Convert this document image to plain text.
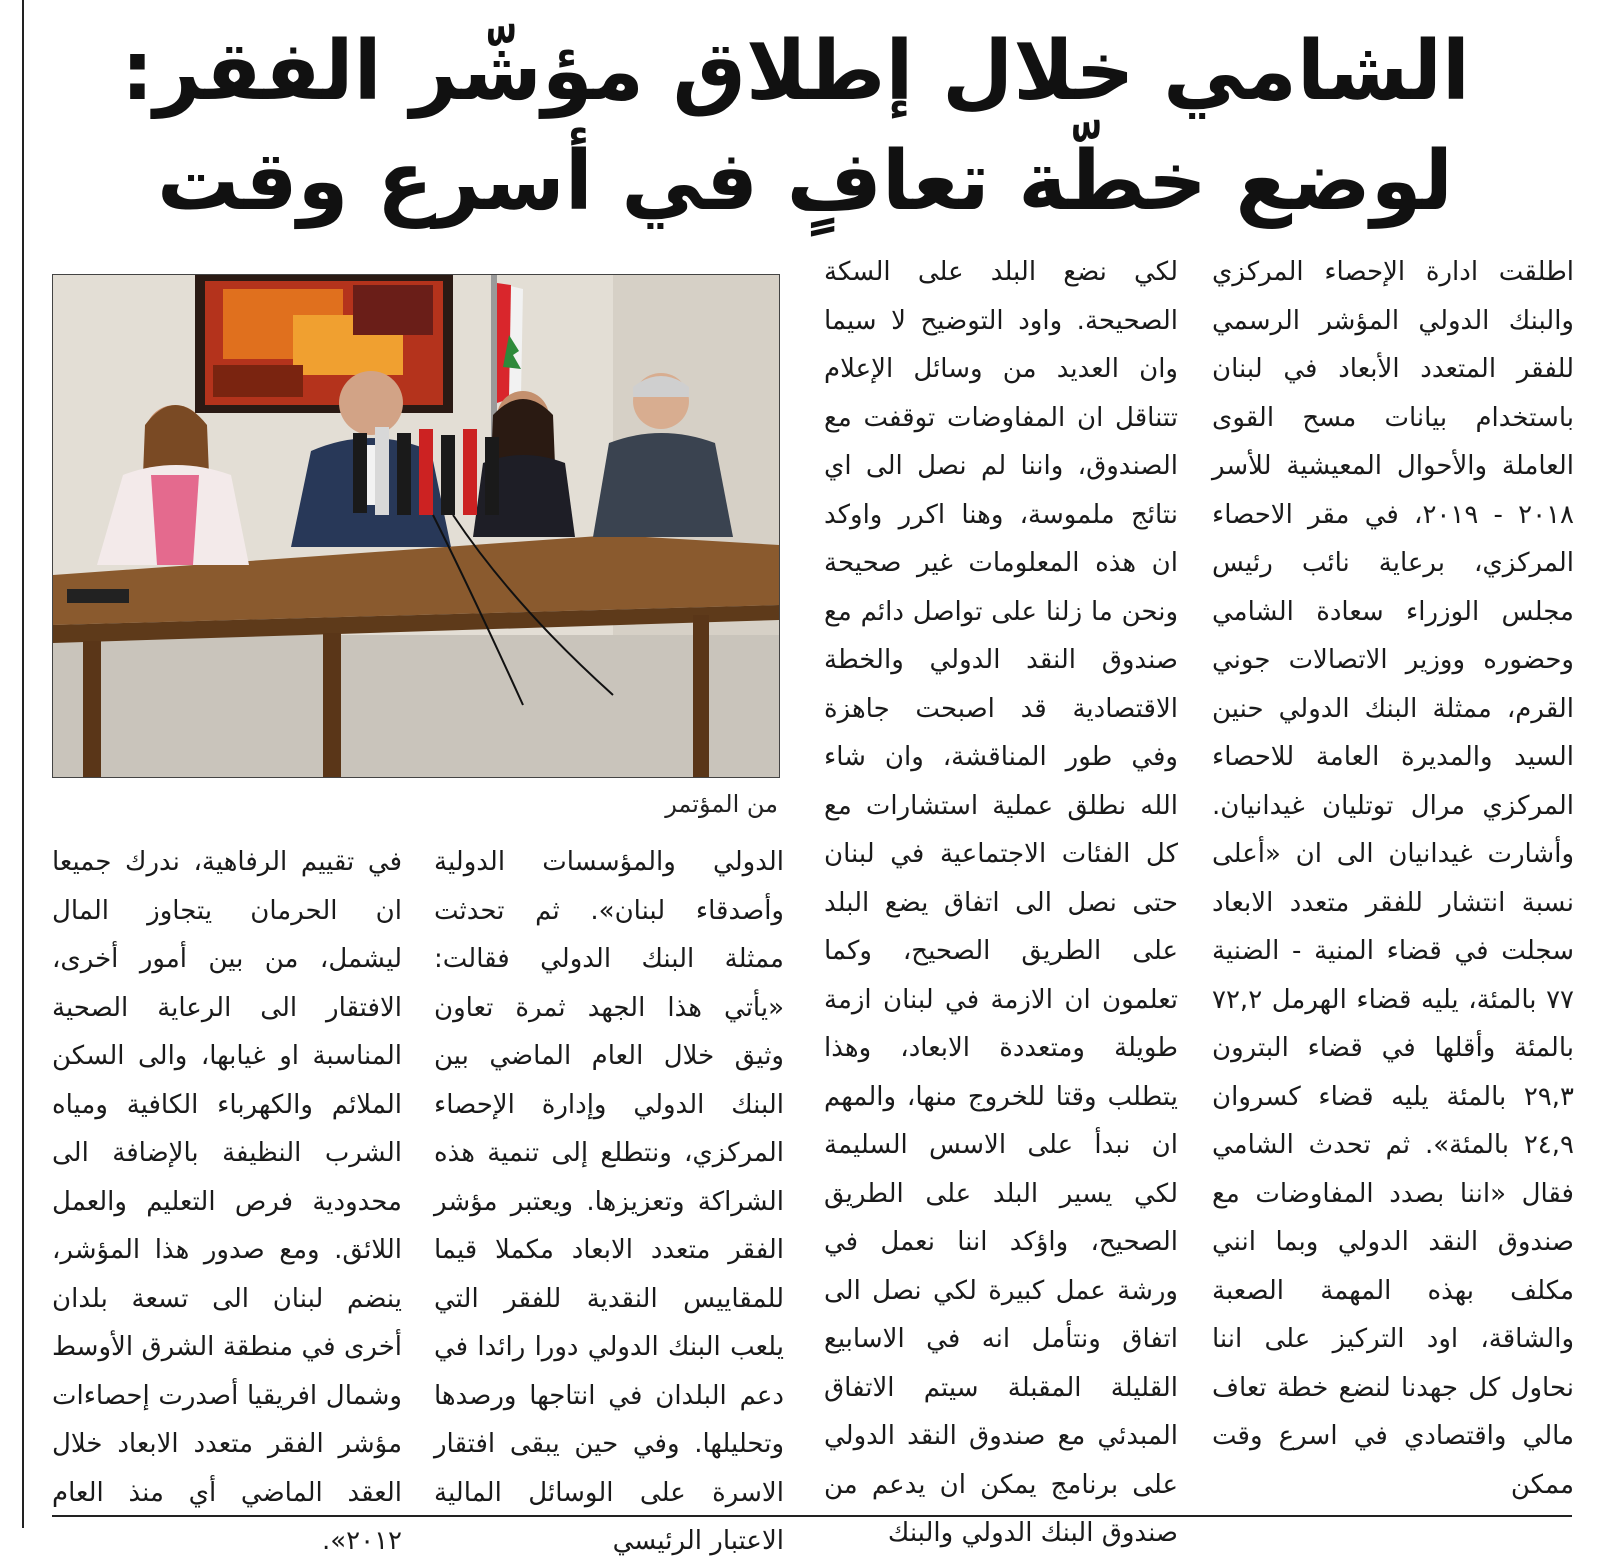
الشامي خلال إطلاق مؤشّر الفقر:
لوضع خطّة تعافٍ في أسرع وقت

اطلقت ادارة الإحصاء المركزي والبنك الدولي المؤشر الرسمي للفقر المتعدد الأبعاد في لبنان باستخدام بيانات مسح القوى العاملة والأحوال المعيشية للأسر ٢٠١٨ - ٢٠١٩، في مقر الاحصاء المركزي، برعاية نائب رئيس مجلس الوزراء سعادة الشامي وحضوره ووزير الاتصالات جوني القرم، ممثلة البنك الدولي حنين السيد والمديرة العامة للاحصاء المركزي مرال توتليان غيدانيان. وأشارت غيدانيان الى ان «أعلى نسبة انتشار للفقر متعدد الابعاد سجلت في قضاء المنية - الضنية ٧٧ بالمئة، يليه قضاء الهرمل ٧٢,٢ بالمئة وأقلها في قضاء البترون ٢٩,٣ بالمئة يليه قضاء كسروان ٢٤,٩ بالمئة». ثم تحدث الشامي فقال «اننا بصدد المفاوضات مع صندوق النقد الدولي وبما انني مكلف بهذه المهمة الصعبة والشاقة، اود التركيز على اننا نحاول كل جهدنا لنضع خطة تعاف مالي واقتصادي في اسرع وقت ممكن

لكي نضع البلد على السكة الصحيحة. واود التوضيح لا سيما وان العديد من وسائل الإعلام تتناقل ان المفاوضات توقفت مع الصندوق، واننا لم نصل الى اي نتائج ملموسة، وهنا اكرر واوكد ان هذه المعلومات غير صحيحة ونحن ما زلنا على تواصل دائم مع صندوق النقد الدولي والخطة الاقتصادية قد اصبحت جاهزة وفي طور المناقشة، وان شاء الله نطلق عملية استشارات مع كل الفئات الاجتماعية في لبنان حتى نصل الى اتفاق يضع البلد على الطريق الصحيح، وكما تعلمون ان الازمة في لبنان ازمة طويلة ومتعددة الابعاد، وهذا يتطلب وقتا للخروج منها، والمهم ان نبدأ على الاسس السليمة لكي يسير البلد على الطريق الصحيح، واؤكد اننا نعمل في ورشة عمل كبيرة لكي نصل الى اتفاق ونتأمل انه في الاسابيع القليلة المقبلة سيتم الاتفاق المبدئي مع صندوق النقد الدولي على برنامج يمكن ان يدعم من صندوق البنك الدولي والبنك

من المؤتمر

الدولي والمؤسسات الدولية وأصدقاء لبنان». ثم تحدثت ممثلة البنك الدولي فقالت: «يأتي هذا الجهد ثمرة تعاون وثيق خلال العام الماضي بين البنك الدولي وإدارة الإحصاء المركزي، ونتطلع إلى تنمية هذه الشراكة وتعزيزها. ويعتبر مؤشر الفقر متعدد الابعاد مكملا قيما للمقاييس النقدية للفقر التي يلعب البنك الدولي دورا رائدا في دعم البلدان في انتاجها ورصدها وتحليلها. وفي حين يبقى افتقار الاسرة على الوسائل المالية الاعتبار الرئيسي

في تقييم الرفاهية، ندرك جميعا ان الحرمان يتجاوز المال ليشمل، من بين أمور أخرى، الافتقار الى الرعاية الصحية المناسبة او غيابها، والى السكن الملائم والكهرباء الكافية ومياه الشرب النظيفة بالإضافة الى محدودية فرص التعليم والعمل اللائق. ومع صدور هذا المؤشر، ينضم لبنان الى تسعة بلدان أخرى في منطقة الشرق الأوسط وشمال افريقيا أصدرت إحصاءات مؤشر الفقر متعدد الابعاد خلال العقد الماضي أي منذ العام ٢٠١٢».
